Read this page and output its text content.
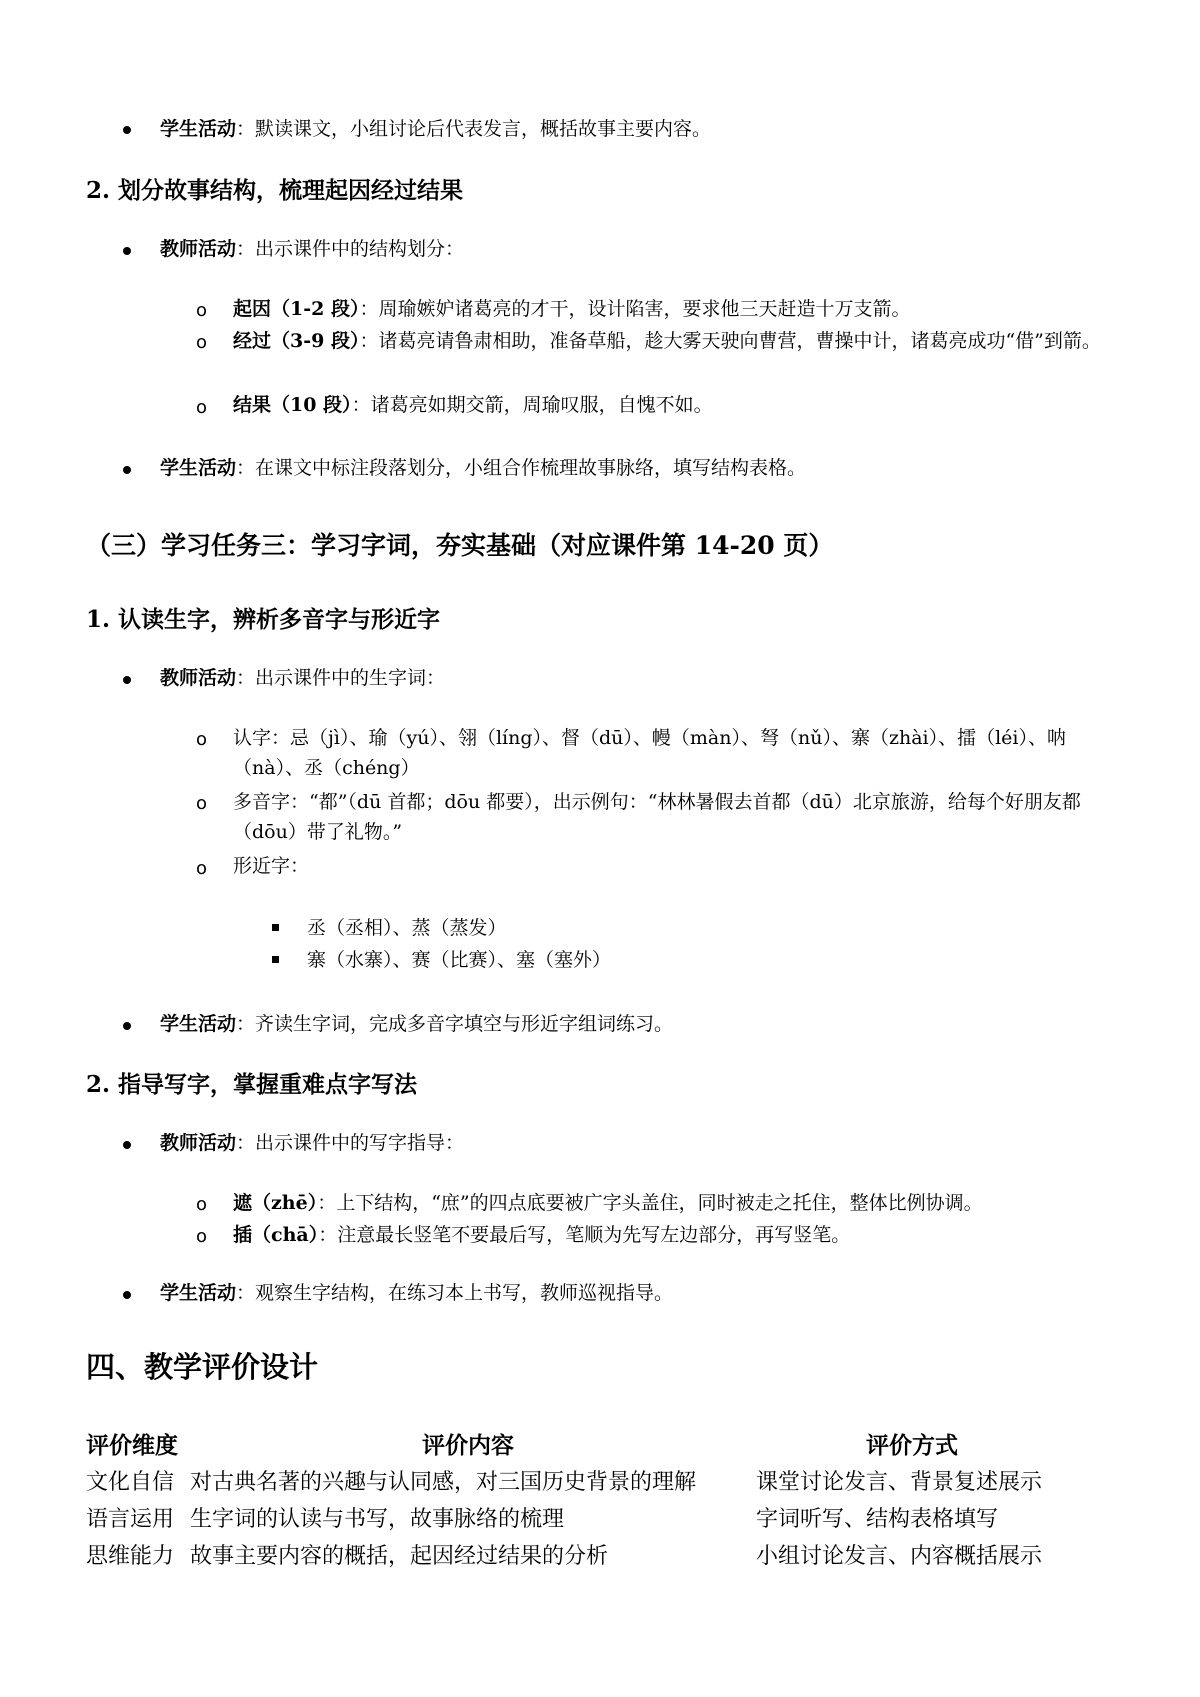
学生活动：默读课文，小组讨论后代表发言，概括故事主要内容。
2. 划分故事结构，梳理起因经过结果
教师活动：出示课件中的结构划分：
o 起因（1-2 段）：周瑜嫉妒诸葛亮的才干，设计陷害，要求他三天赶造十万支箭。
o 经过（3-9 段）：诸葛亮请鲁肃相助，准备草船，趁大雾天驶向曹营，曹操中计，诸葛亮成功“借”到箭。
o 结果（10 段）：诸葛亮如期交箭，周瑜叹服，自愧不如。
学生活动：在课文中标注段落划分，小组合作梳理故事脉络，填写结构表格。
（三）学习任务三：学习字词，夯实基础（对应课件第 14-20 页）
1. 认读生字，辨析多音字与形近字
教师活动：出示课件中的生字词：
o 认字：忌（jì）、瑜（yú）、翎（líng）、督（dū）、幔（màn）、弩（nǔ）、寨（zhài）、擂（léi）、呐（nà）、丞（chéng）
o 多音字：“都”（dū 首都；dōu 都要），出示例句：“林林暑假去首都（dū）北京旅游，给每个好朋友都（dōu）带了礼物。”
o 形近字：
丞（丞相）、蒸（蒸发）
寨（水寨）、赛（比赛）、塞（塞外）
学生活动：齐读生字词，完成多音字填空与形近字组词练习。
2. 指导写字，掌握重难点字写法
教师活动：出示课件中的写字指导：
o 遮（zhē）：上下结构，“庶”的四点底要被广字头盖住，同时被走之托住，整体比例协调。
o 插（chā）：注意最长竖笔不要最后写，笔顺为先写左边部分，再写竖笔。
学生活动：观察生字结构，在练习本上书写，教师巡视指导。
四、教学评价设计
评价维度	评价内容	评价方式
文化自信 对古典名著的兴趣与认同感，对三国历史背景的理解	课堂讨论发言、背景复述展示
语言运用 生字词的认读与书写，故事脉络的梳理	字词听写、结构表格填写
思维能力 故事主要内容的概括，起因经过结果的分析	小组讨论发言、内容概括展示
